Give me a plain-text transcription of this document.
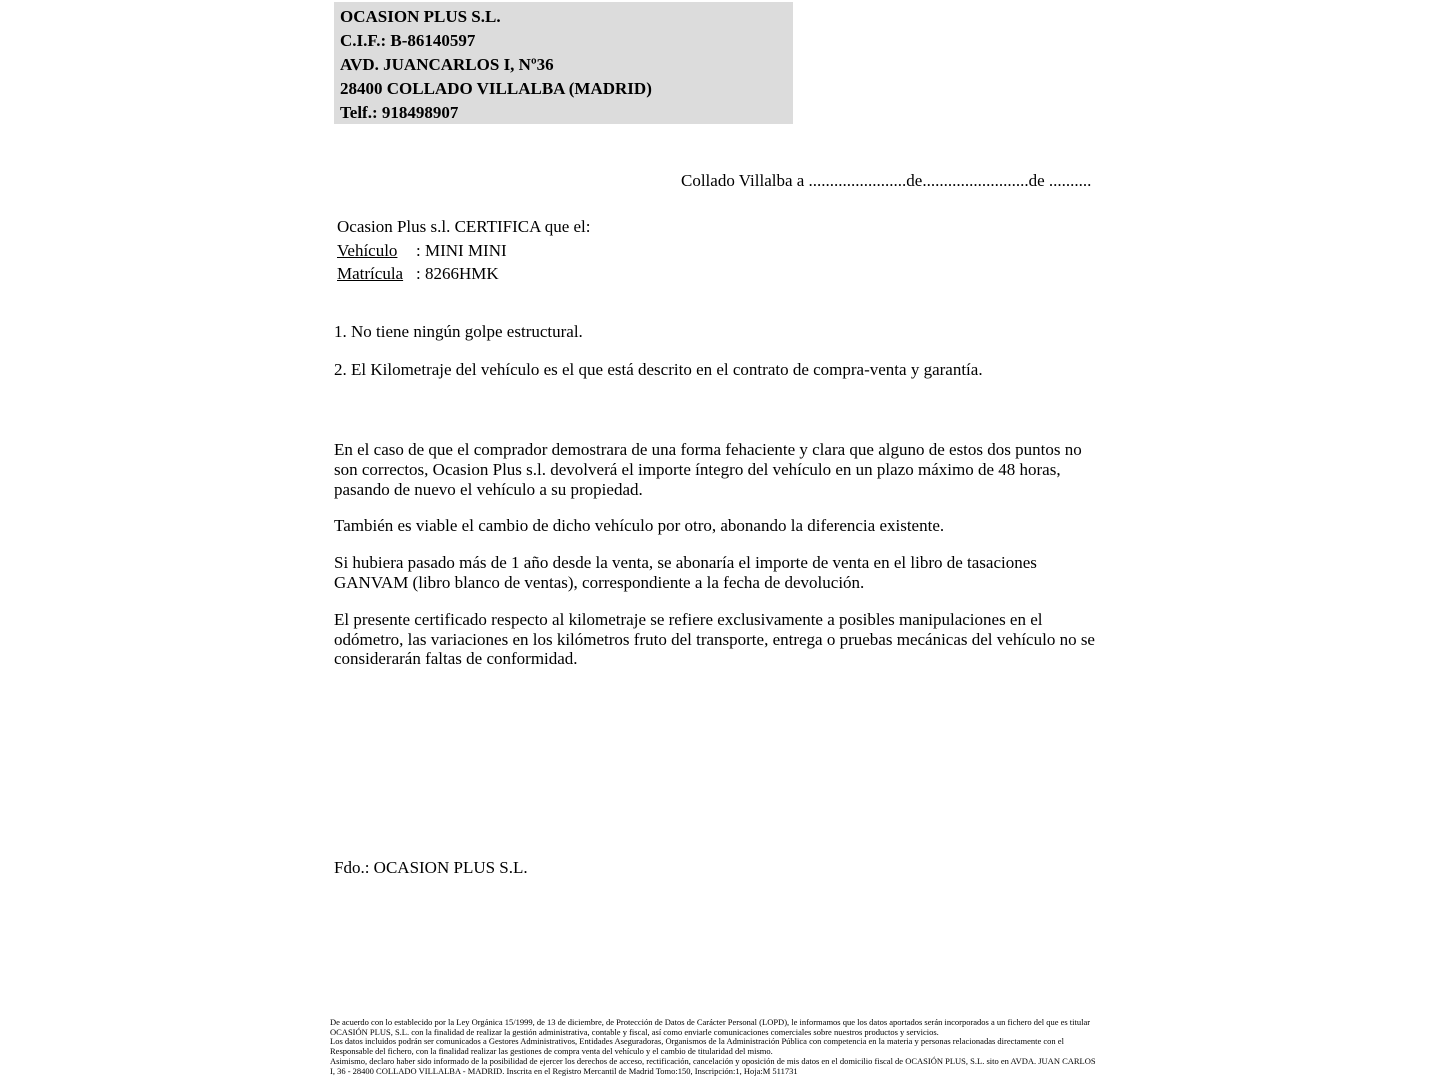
OCASION PLUS S.L.
C.I.F.: B-86140597
AVD. JUANCARLOS I, Nº36
28400 COLLADO VILLALBA (MADRID)
Telf.: 918498907
Collado Villalba a .......................de.........................de ..........
Ocasion Plus s.l. CERTIFICA que el:
Vehículo : MINI MINI
Matrícula : 8266HMK

1. No tiene ningún golpe estructural.

2. El Kilometraje del vehículo es el que está descrito en el contrato de compra-venta y garantía.

En el caso de que el comprador demostrara de una forma fehaciente y clara que alguno de estos dos puntos no son correctos, Ocasion Plus s.l. devolverá el importe íntegro del vehículo en un plazo máximo de 48 horas, pasando de nuevo el vehículo a su propiedad.

También es viable el cambio de dicho vehículo por otro, abonando la diferencia existente.

Si hubiera pasado más de 1 año desde la venta, se abonaría el importe de venta en el libro de tasaciones GANVAM (libro blanco de ventas), correspondiente a la fecha de devolución.

El presente certificado respecto al kilometraje se refiere exclusivamente a posibles manipulaciones en el odómetro, las variaciones en los kilómetros fruto del transporte, entrega o pruebas mecánicas del vehículo no se considerarán faltas de conformidad.

Fdo.: OCASION PLUS S.L.

De acuerdo con lo establecido por la Ley Orgánica 15/1999, de 13 de diciembre, de Protección de Datos de Carácter Personal (LOPD), le informamos que los datos aportados serán incorporados a un fichero del que es titular OCASIÓN PLUS, S.L. con la finalidad de realizar la gestión administrativa, contable y fiscal, así como enviarle comunicaciones comerciales sobre nuestros productos y servicios.

Los datos incluidos podrán ser comunicados a Gestores Administrativos, Entidades Aseguradoras, Organismos de la Administración Pública con competencia en la materia y personas relacionadas directamente con el Responsable del fichero, con la finalidad realizar las gestiones de compra venta del vehículo y el cambio de titularidad del mismo.

Asimismo, declaro haber sido informado de la posibilidad de ejercer los derechos de acceso, rectificación, cancelación y oposición de mis datos en el domicilio fiscal de OCASIÓN PLUS, S.L. sito en AVDA. JUAN CARLOS I, 36 - 28400 COLLADO VILLALBA - MADRID. Inscrita en el Registro Mercantil de Madrid Tomo:150, Inscripción:1, Hoja:M 511731
